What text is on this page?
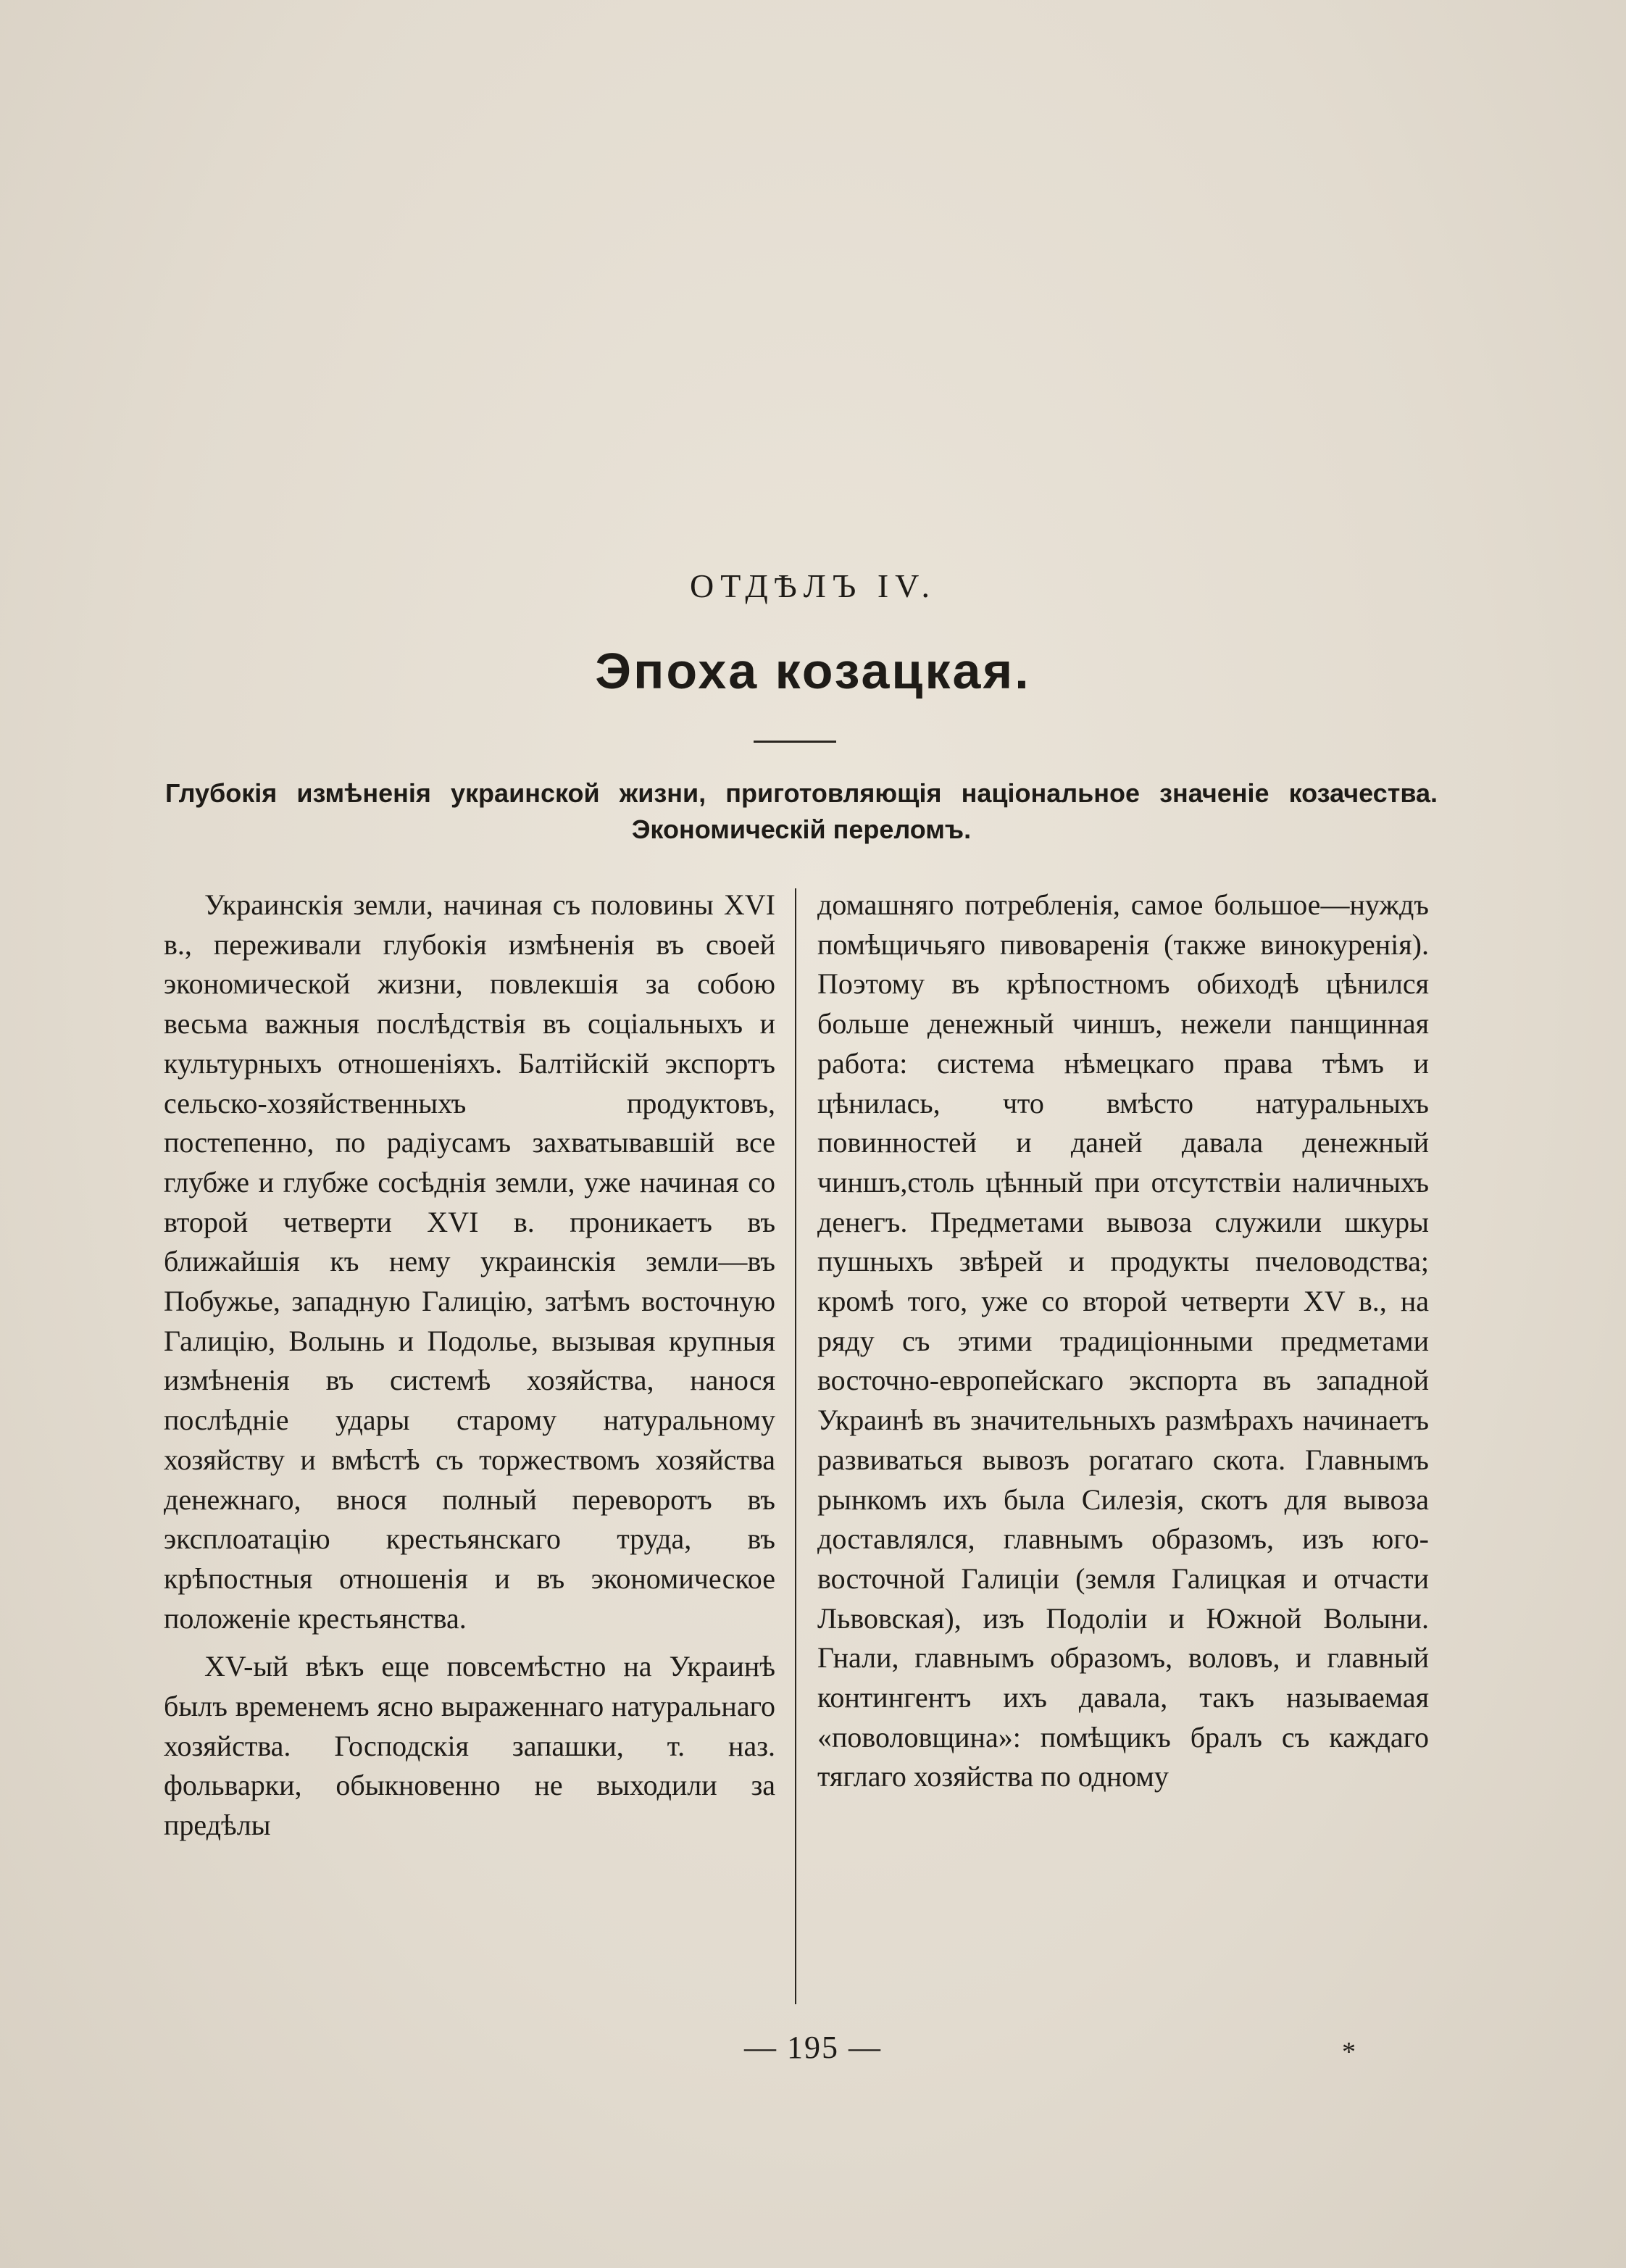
ОТДѢЛЪ IV.
Эпоха козацкая.
Глубокія измѣненія украинской жизни, приготовляющія національное значеніе козачества. Экономическій переломъ.

Украинскія земли, начиная съ половины XVI в., переживали глубокія измѣненія въ своей экономической жизни, повлекшія за собою весьма важныя послѣдствія въ соціальныхъ и культурныхъ отношеніяхъ. Балтійскій экспортъ сельско-хозяйственныхъ продуктовъ, постепенно, по радіусамъ захватывавшій все глубже и глубже сосѣднія земли, уже начиная со второй четверти XVI в. проникаетъ въ ближайшія къ нему украинскія земли—въ Побужье, западную Галицію, затѣмъ восточную Галицію, Волынь и Подолье, вызывая крупныя измѣненія въ системѣ хозяйства, нанося послѣдніе удары старому натуральному хозяйству и вмѣстѣ съ торжествомъ хозяйства денежнаго, внося полный переворотъ въ эксплоатацію крестьянскаго труда, въ крѣпостныя отношенія и въ экономическое положеніе крестьянства.

XV-ый вѣкъ еще повсемѣстно на Украинѣ былъ временемъ ясно выраженнаго натуральнаго хозяйства. Господскія запашки, т. наз. фольварки, обыкновенно не выходили за предѣлы

домашняго потребленія, самое большое—нуждъ помѣщичьяго пивоваренія (также винокуренія). Поэтому въ крѣпостномъ обиходѣ цѣнился больше денежный чиншъ, нежели панщинная работа: система нѣмецкаго права тѣмъ и цѣнилась, что вмѣсто натуральныхъ повинностей и даней давала денежный чиншъ,столь цѣнный при отсутствіи наличныхъ денегъ. Предметами вывоза служили шкуры пушныхъ звѣрей и продукты пчеловодства; кромѣ того, уже со второй четверти XV в., на ряду съ этими традиціонными предметами восточно-европейскаго экспорта въ западной Украинѣ въ значительныхъ размѣрахъ начинаетъ развиваться вывозъ рогатаго скота. Главнымъ рынкомъ ихъ была Силезія, скотъ для вывоза доставлялся, главнымъ образомъ, изъ юго-восточной Галиціи (земля Галицкая и отчасти Львовская), изъ Подолiи и Южной Волыни. Гнали, главнымъ образомъ, воловъ, и главный контингентъ ихъ давала, такъ называемая «поволовщина»: помѣщикъ бралъ съ каждаго тяглаго хозяйства по одному

— 195 —	*
